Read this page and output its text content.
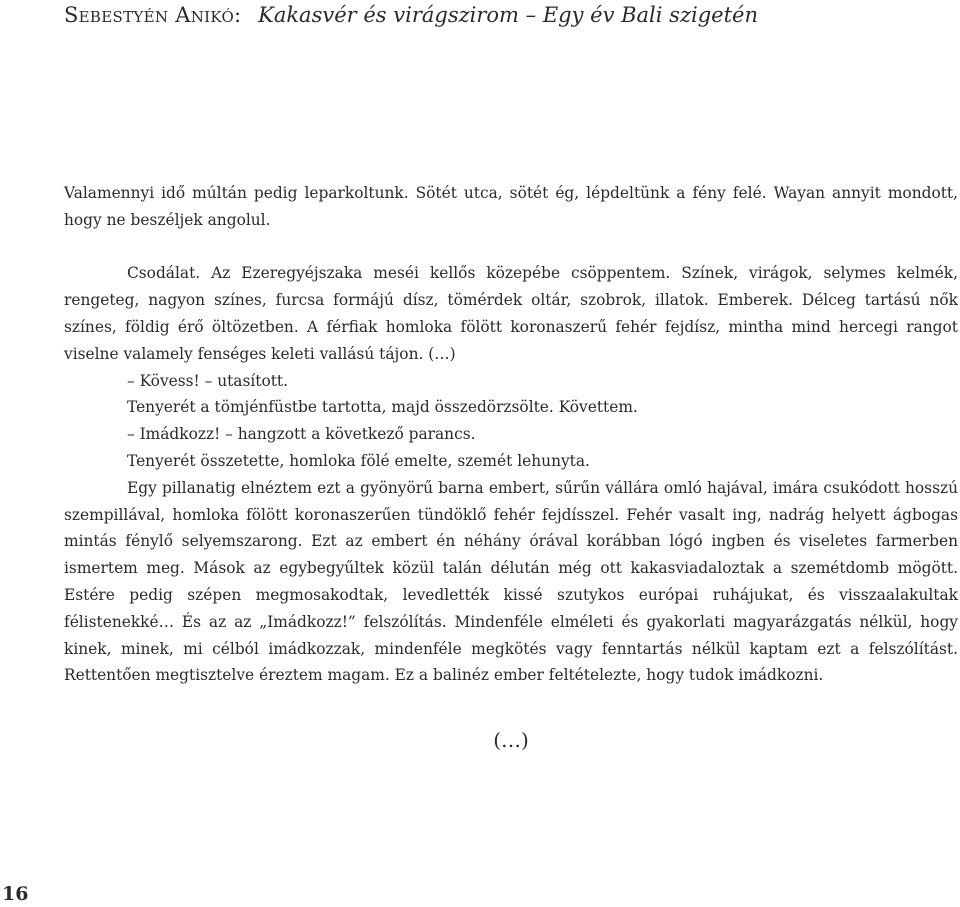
Sebestyén Anikó: Kakasvér és virágszirom – Egy év Bali szigetén

Valamennyi idő múltán pedig leparkoltunk. Sötét utca, sötét ég, lépdeltünk a fény felé. Wayan annyit mondott, hogy ne beszéljek angolul.

Csodálat. Az Ezeregyéjszaka meséi kellős közepébe csöppentem. Színek, virágok, selymes kelmék, rengeteg, nagyon színes, furcsa formájú dísz, tömérdek oltár, szobrok, illatok. Emberek. Délceg tartású nők színes, földig érő öltözetben. A férfiak homloka fölött koronaszerű fehér fejdísz, mintha mind hercegi rangot viselne valamely fenséges keleti vallású tájon. (…)

– Kövess! – utasított.

Tenyerét a tömjénfüstbe tartotta, majd összedörzsölte. Követtem.

– Imádkozz! – hangzott a következő parancs.

Tenyerét összetette, homloka fölé emelte, szemét lehunyta.

Egy pillanatig elnéztem ezt a gyönyörű barna embert, sűrűn vállára omló hajával, imára csukódott hosszú szempillával, homloka fölött koronaszerűen tündöklő fehér fejdísszel. Fehér vasalt ing, nadrág helyett ágbogas mintás fénylő selyemszarong. Ezt az embert én néhány órával korábban lógó ingben és viseletes farmerben ismertem meg. Mások az egybegyűltek közül talán délután még ott kakasviadaloztak a szemétdomb mögött. Estére pedig szépen megmosakodtak, levedlették kissé szutykos európai ruhájukat, és visszaalakultak félistenekké… És az az „Imádkozz!” felszólítás. Mindenféle elméleti és gyakorlati magyarázgatás nélkül, hogy kinek, minek, mi célból imádkozzak, mindenféle megkötés vagy fenntartás nélkül kaptam ezt a felszólítást. Rettentően megtisztelve éreztem magam. Ez a balinéz ember feltételezte, hogy tudok imádkozni.

(…)
16
